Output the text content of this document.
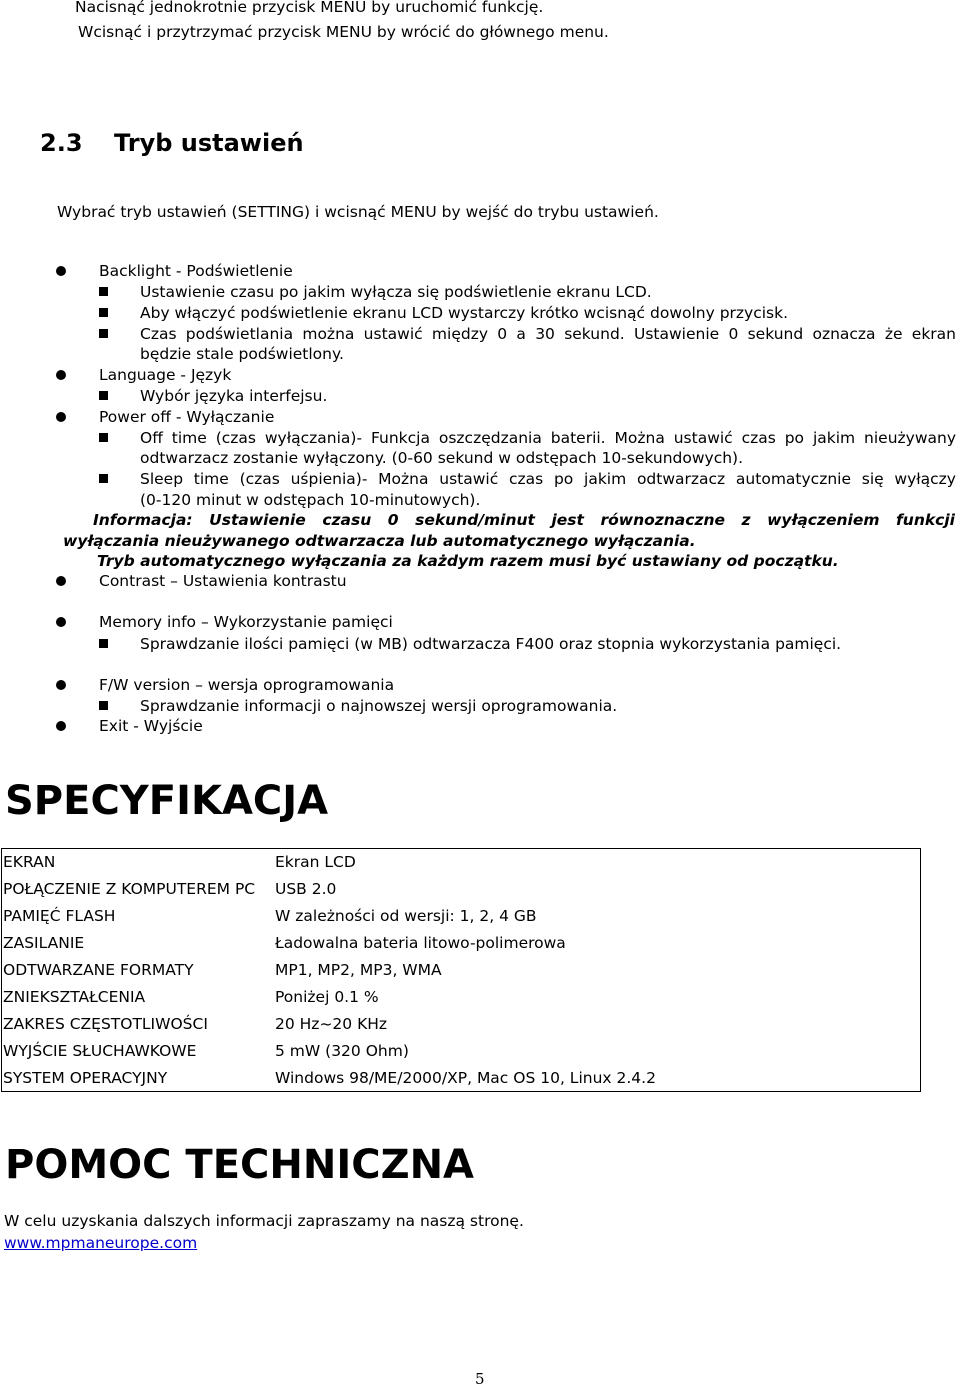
Nacisnąć jednokrotnie przycisk MENU by uruchomić funkcję.
Wcisnąć i przytrzymać przycisk MENU by wrócić do głównego menu.
2.3 Tryb ustawień
Wybrać tryb ustawień (SETTING) i wcisnąć MENU by wejść do trybu ustawień.
Backlight - Podświetlenie
Ustawienie czasu po jakim wyłącza się podświetlenie ekranu LCD.
Aby włączyć podświetlenie ekranu LCD wystarczy krótko wcisnąć dowolny przycisk.
Czas podświetlania można ustawić między 0 a 30 sekund. Ustawienie 0 sekund oznacza że ekran
będzie stale podświetlony.
Language - Język
Wybór języka interfejsu.
Power off - Wyłączanie
Off time (czas wyłączania)- Funkcja oszczędzania baterii. Można ustawić czas po jakim nieużywany
odtwarzacz zostanie wyłączony. (0-60 sekund w odstępach 10-sekundowych).
Sleep time (czas uśpienia)- Można ustawić czas po jakim odtwarzacz automatycznie się wyłączy
(0-120 minut w odstępach 10-minutowych).
Informacja: Ustawienie czasu 0 sekund/minut jest równoznaczne z wyłączeniem funkcji
wyłączania nieużywanego odtwarzacza lub automatycznego wyłączania.
Tryb automatycznego wyłączania za każdym razem musi być ustawiany od początku.
Contrast – Ustawienia kontrastu
Memory info – Wykorzystanie pamięci
Sprawdzanie ilości pamięci (w MB) odtwarzacza F400 oraz stopnia wykorzystania pamięci.
F/W version – wersja oprogramowania
Sprawdzanie informacji o najnowszej wersji oprogramowania.
Exit - Wyjście
SPECYFIKACJA
EKRAN	Ekran LCD
POŁĄCZENIE Z KOMPUTEREM PC	USB 2.0
PAMIĘĆ FLASH	W zależności od wersji: 1, 2, 4 GB
ZASILANIE	Ładowalna bateria litowo-polimerowa
ODTWARZANE FORMATY	MP1, MP2, MP3, WMA
ZNIEKSZTAŁCENIA	Poniżej 0.1 %
ZAKRES CZĘSTOTLIWOŚCI	20 Hz~20 KHz
WYJŚCIE SŁUCHAWKOWE	5 mW (320 Ohm)
SYSTEM OPERACYJNY	Windows 98/ME/2000/XP, Mac OS 10, Linux 2.4.2
POMOC TECHNICZNA
W celu uzyskania dalszych informacji zapraszamy na naszą stronę.
www.mpmaneurope.com
5
